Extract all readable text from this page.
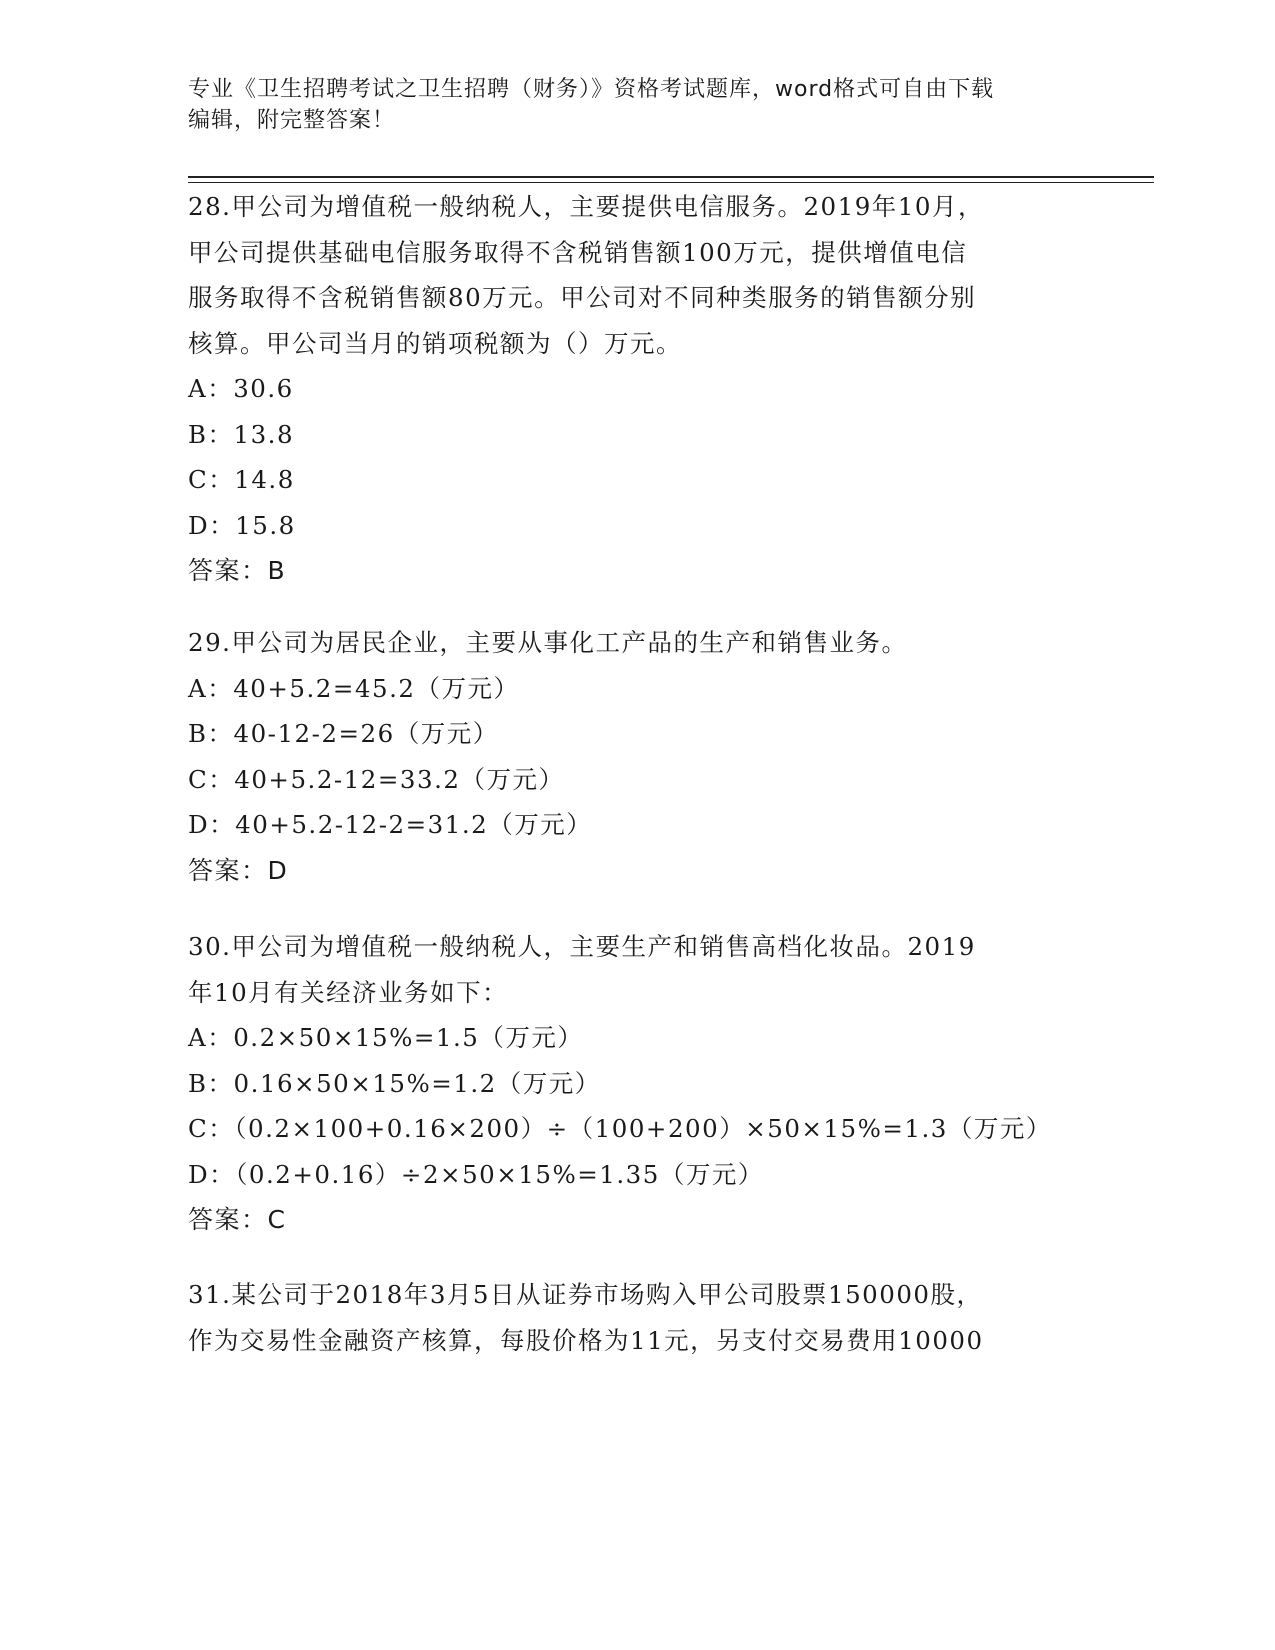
专业《卫生招聘考试之卫生招聘（财务）》资格考试题库，word格式可自由下载
编辑，附完整答案！
28.甲公司为增值税一般纳税人，主要提供电信服务。2019年10月，
甲公司提供基础电信服务取得不含税销售额100万元，提供增值电信
服务取得不含税销售额80万元。甲公司对不同种类服务的销售额分别
核算。甲公司当月的销项税额为（）万元。
A：30.6
B：13.8
C：14.8
D：15.8
答案：B
29.甲公司为居民企业，主要从事化工产品的生产和销售业务。
A：40+5.2=45.2（万元）
B：40-12-2=26（万元）
C：40+5.2-12=33.2（万元）
D：40+5.2-12-2=31.2（万元）
答案：D
30.甲公司为增值税一般纳税人，主要生产和销售高档化妆品。2019
年10月有关经济业务如下：
A：0.2×50×15%=1.5（万元）
B：0.16×50×15%=1.2（万元）
C：（0.2×100+0.16×200）÷（100+200）×50×15%=1.3（万元）
D：（0.2+0.16）÷2×50×15%=1.35（万元）
答案：C
31.某公司于2018年3月5日从证券市场购入甲公司股票150000股，
作为交易性金融资产核算，每股价格为11元，另支付交易费用10000
